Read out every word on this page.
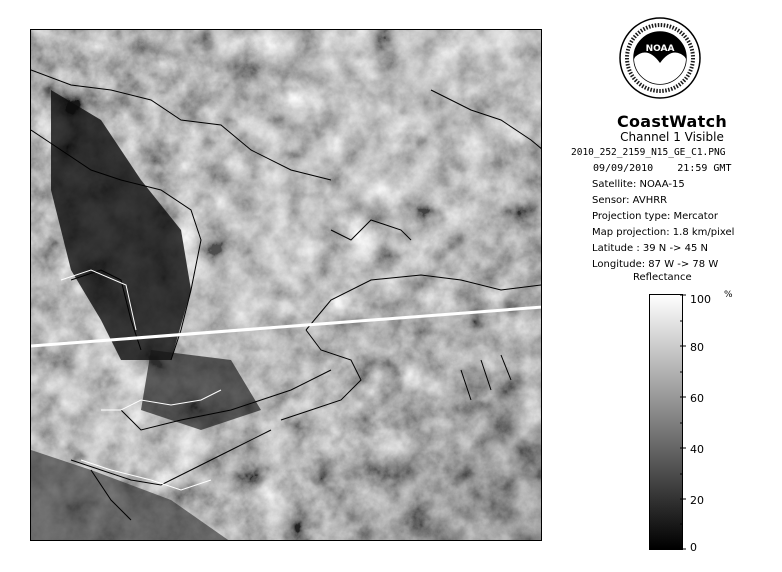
NOAA
CoastWatch
Channel 1 Visible
2010_252_2159_N15_GE_C1.PNG
09/09/2010    21:59 GMT
Satellite: NOAA-15
Sensor: AVHRR
Projection type: Mercator
Map projection: 1.8 km/pixel
Latitude : 39 N -> 45 N
Longitude: 87 W -> 78 W
Reflectance
100
80
60
40
20
0
%
